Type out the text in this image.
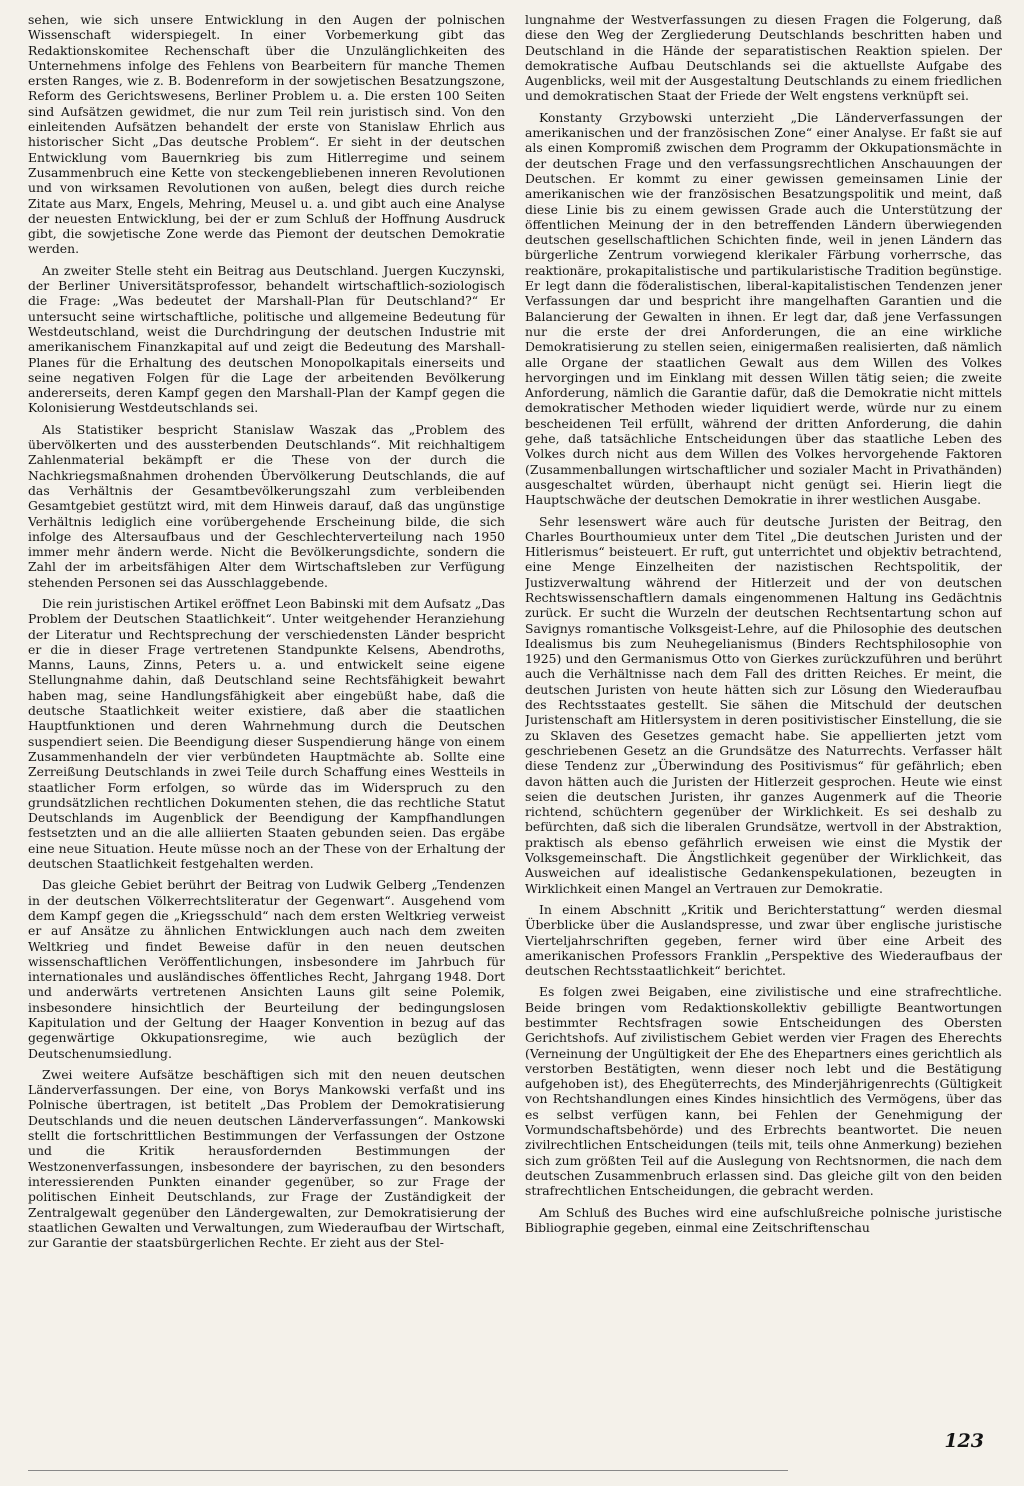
sehen, wie sich unsere Entwicklung in den Augen der polnischen Wissenschaft widerspiegelt. In einer Vorbemerkung gibt das Redaktionskomitee Rechenschaft über die Unzulänglichkeiten des Unternehmens infolge des Fehlens von Bearbeitern für manche Themen ersten Ranges, wie z. B. Bodenreform in der sowjetischen Besatzungszone, Reform des Gerichtswesens, Berliner Problem u. a. Die ersten 100 Seiten sind Aufsätzen gewidmet, die nur zum Teil rein juristisch sind. Von den einleitenden Aufsätzen behandelt der erste von Stanislaw Ehrlich aus historischer Sicht „Das deutsche Problem“. Er sieht in der deutschen Entwicklung vom Bauernkrieg bis zum Hitlerregime und seinem Zusammenbruch eine Kette von steckengebliebenen inneren Revolutionen und von wirksamen Revolutionen von außen, belegt dies durch reiche Zitate aus Marx, Engels, Mehring, Meusel u. a. und gibt auch eine Analyse der neuesten Entwicklung, bei der er zum Schluß der Hoffnung Ausdruck gibt, die sowjetische Zone werde das Piemont der deutschen Demokratie werden.

An zweiter Stelle steht ein Beitrag aus Deutschland. Juergen Kuczynski, der Berliner Universitätsprofessor, behandelt wirtschaftlich-soziologisch die Frage: „Was bedeutet der Marshall-Plan für Deutschland?“ Er untersucht seine wirtschaftliche, politische und allgemeine Bedeutung für Westdeutschland, weist die Durchdringung der deutschen Industrie mit amerikanischem Finanzkapital auf und zeigt die Bedeutung des Marshall-Planes für die Erhaltung des deutschen Monopolkapitals einerseits und seine negativen Folgen für die Lage der arbeitenden Bevölkerung andererseits, deren Kampf gegen den Marshall-Plan der Kampf gegen die Kolonisierung Westdeutschlands sei.

Als Statistiker bespricht Stanislaw Waszak das „Problem des übervölkerten und des aussterbenden Deutschlands“. Mit reichhaltigem Zahlenmaterial bekämpft er die These von der durch die Nachkriegsmaßnahmen drohenden Übervölkerung Deutschlands, die auf das Verhältnis der Gesamtbevölkerungszahl zum verbleibenden Gesamtgebiet gestützt wird, mit dem Hinweis darauf, daß das ungünstige Verhältnis lediglich eine vorübergehende Erscheinung bilde, die sich infolge des Altersaufbaus und der Geschlechterverteilung nach 1950 immer mehr ändern werde. Nicht die Bevölkerungsdichte, sondern die Zahl der im arbeitsfähigen Alter dem Wirtschaftsleben zur Verfügung stehenden Personen sei das Ausschlaggebende.

Die rein juristischen Artikel eröffnet Leon Babinski mit dem Aufsatz „Das Problem der Deutschen Staatlichkeit“. Unter weitgehender Heranziehung der Literatur und Rechtsprechung der verschiedensten Länder bespricht er die in dieser Frage vertretenen Standpunkte Kelsens, Abendroths, Manns, Launs, Zinns, Peters u. a. und entwickelt seine eigene Stellungnahme dahin, daß Deutschland seine Rechtsfähigkeit bewahrt haben mag, seine Handlungsfähigkeit aber eingebüßt habe, daß die deutsche Staatlichkeit weiter existiere, daß aber die staatlichen Hauptfunktionen und deren Wahrnehmung durch die Deutschen suspendiert seien. Die Beendigung dieser Suspendierung hänge von einem Zusammenhandeln der vier verbündeten Hauptmächte ab. Sollte eine Zerreißung Deutschlands in zwei Teile durch Schaffung eines Westteils in staatlicher Form erfolgen, so würde das im Widerspruch zu den grundsätzlichen rechtlichen Dokumenten stehen, die das rechtliche Statut Deutschlands im Augenblick der Beendigung der Kampfhandlungen festsetzten und an die alle alliierten Staaten gebunden seien. Das ergäbe eine neue Situation. Heute müsse noch an der These von der Erhaltung der deutschen Staatlichkeit festgehalten werden.

Das gleiche Gebiet berührt der Beitrag von Ludwik Gelberg „Tendenzen in der deutschen Völkerrechtsliteratur der Gegenwart“. Ausgehend vom dem Kampf gegen die „Kriegsschuld“ nach dem ersten Weltkrieg verweist er auf Ansätze zu ähnlichen Entwicklungen auch nach dem zweiten Weltkrieg und findet Beweise dafür in den neuen deutschen wissenschaftlichen Veröffentlichungen, insbesondere im Jahrbuch für internationales und ausländisches öffentliches Recht, Jahrgang 1948. Dort und anderwärts vertretenen Ansichten Launs gilt seine Polemik, insbesondere hinsichtlich der Beurteilung der bedingungslosen Kapitulation und der Geltung der Haager Konvention in bezug auf das gegenwärtige Okkupationsregime, wie auch bezüglich der Deutschenumsiedlung.

Zwei weitere Aufsätze beschäftigen sich mit den neuen deutschen Länderverfassungen. Der eine, von Borys Mankowski verfaßt und ins Polnische übertragen, ist betitelt „Das Problem der Demokratisierung Deutschlands und die neuen deutschen Länderverfassungen“. Mankowski stellt die fortschrittlichen Bestimmungen der Verfassungen der Ostzone und die Kritik herausfordernden Bestimmungen der Westzonenverfassungen, insbesondere der bayrischen, zu den besonders interessierenden Punkten einander gegenüber, so zur Frage der politischen Einheit Deutschlands, zur Frage der Zuständigkeit der Zentralgewalt gegenüber den Ländergewalten, zur Demokratisierung der staatlichen Gewalten und Verwaltungen, zum Wiederaufbau der Wirtschaft, zur Garantie der staatsbürgerlichen Rechte. Er zieht aus der Stel-

lungnahme der Westverfassungen zu diesen Fragen die Folgerung, daß diese den Weg der Zergliederung Deutschlands beschritten haben und Deutschland in die Hände der separatistischen Reaktion spielen. Der demokratische Aufbau Deutschlands sei die aktuellste Aufgabe des Augenblicks, weil mit der Ausgestaltung Deutschlands zu einem friedlichen und demokratischen Staat der Friede der Welt engstens verknüpft sei.

Konstanty Grzybowski unterzieht „Die Länderverfassungen der amerikanischen und der französischen Zone“ einer Analyse. Er faßt sie auf als einen Kompromiß zwischen dem Programm der Okkupationsmächte in der deutschen Frage und den verfassungsrechtlichen Anschauungen der Deutschen. Er kommt zu einer gewissen gemeinsamen Linie der amerikanischen wie der französischen Besatzungspolitik und meint, daß diese Linie bis zu einem gewissen Grade auch die Unterstützung der öffentlichen Meinung der in den betreffenden Ländern überwiegenden deutschen gesellschaftlichen Schichten finde, weil in jenen Ländern das bürgerliche Zentrum vorwiegend klerikaler Färbung vorherrsche, das reaktionäre, prokapitalistische und partikularistische Tradition begünstige. Er legt dann die föderalistischen, liberal-kapitalistischen Tendenzen jener Verfassungen dar und bespricht ihre mangelhaften Garantien und die Balancierung der Gewalten in ihnen. Er legt dar, daß jene Verfassungen nur die erste der drei Anforderungen, die an eine wirkliche Demokratisierung zu stellen seien, einigermaßen realisierten, daß nämlich alle Organe der staatlichen Gewalt aus dem Willen des Volkes hervorgingen und im Einklang mit dessen Willen tätig seien; die zweite Anforderung, nämlich die Garantie dafür, daß die Demokratie nicht mittels demokratischer Methoden wieder liquidiert werde, würde nur zu einem bescheidenen Teil erfüllt, während der dritten Anforderung, die dahin gehe, daß tatsächliche Entscheidungen über das staatliche Leben des Volkes durch nicht aus dem Willen des Volkes hervorgehende Faktoren (Zusammenballungen wirtschaftlicher und sozialer Macht in Privathänden) ausgeschaltet würden, überhaupt nicht genügt sei. Hierin liegt die Hauptschwäche der deutschen Demokratie in ihrer westlichen Ausgabe.

Sehr lesenswert wäre auch für deutsche Juristen der Beitrag, den Charles Bourthoumieux unter dem Titel „Die deutschen Juristen und der Hitlerismus“ beisteuert. Er ruft, gut unterrichtet und objektiv betrachtend, eine Menge Einzelheiten der nazistischen Rechtspolitik, der Justizverwaltung während der Hitlerzeit und der von deutschen Rechtswissenschaftlern damals eingenommenen Haltung ins Gedächtnis zurück. Er sucht die Wurzeln der deutschen Rechtsentartung schon auf Savignys romantische Volksgeist-Lehre, auf die Philosophie des deutschen Idealismus bis zum Neuhegelianismus (Binders Rechtsphilosophie von 1925) und den Germanismus Otto von Gierkes zurückzuführen und berührt auch die Verhältnisse nach dem Fall des dritten Reiches. Er meint, die deutschen Juristen von heute hätten sich zur Lösung den Wiederaufbau des Rechtsstaates gestellt. Sie sähen die Mitschuld der deutschen Juristenschaft am Hitlersystem in deren positivistischer Einstellung, die sie zu Sklaven des Gesetzes gemacht habe. Sie appellierten jetzt vom geschriebenen Gesetz an die Grundsätze des Naturrechts. Verfasser hält diese Tendenz zur „Überwindung des Positivismus“ für gefährlich; eben davon hätten auch die Juristen der Hitlerzeit gesprochen. Heute wie einst seien die deutschen Juristen, ihr ganzes Augenmerk auf die Theorie richtend, schüchtern gegenüber der Wirklichkeit. Es sei deshalb zu befürchten, daß sich die liberalen Grundsätze, wertvoll in der Abstraktion, praktisch als ebenso gefährlich erweisen wie einst die Mystik der Volksgemeinschaft. Die Ängstlichkeit gegenüber der Wirklichkeit, das Ausweichen auf idealistische Gedankenspekulationen, bezeugten in Wirklichkeit einen Mangel an Vertrauen zur Demokratie.

In einem Abschnitt „Kritik und Berichterstattung“ werden diesmal Überblicke über die Auslandspresse, und zwar über englische juristische Vierteljahrschriften gegeben, ferner wird über eine Arbeit des amerikanischen Professors Franklin „Perspektive des Wiederaufbaus der deutschen Rechtsstaatlichkeit“ berichtet.

Es folgen zwei Beigaben, eine zivilistische und eine strafrechtliche. Beide bringen vom Redaktionskollektiv gebilligte Beantwortungen bestimmter Rechtsfragen sowie Entscheidungen des Obersten Gerichtshofs. Auf zivilistischem Gebiet werden vier Fragen des Eherechts (Verneinung der Ungültigkeit der Ehe des Ehepartners eines gerichtlich als verstorben Bestätigten, wenn dieser noch lebt und die Bestätigung aufgehoben ist), des Ehegüterrechts, des Minderjährigenrechts (Gültigkeit von Rechtshandlungen eines Kindes hinsichtlich des Vermögens, über das es selbst verfügen kann, bei Fehlen der Genehmigung der Vormundschaftsbehörde) und des Erbrechts beantwortet. Die neuen zivilrechtlichen Entscheidungen (teils mit, teils ohne Anmerkung) beziehen sich zum größten Teil auf die Auslegung von Rechtsnormen, die nach dem deutschen Zusammenbruch erlassen sind. Das gleiche gilt von den beiden strafrechtlichen Entscheidungen, die gebracht werden.

Am Schluß des Buches wird eine aufschlußreiche polnische juristische Bibliographie gegeben, einmal eine Zeitschriftenschau

123
